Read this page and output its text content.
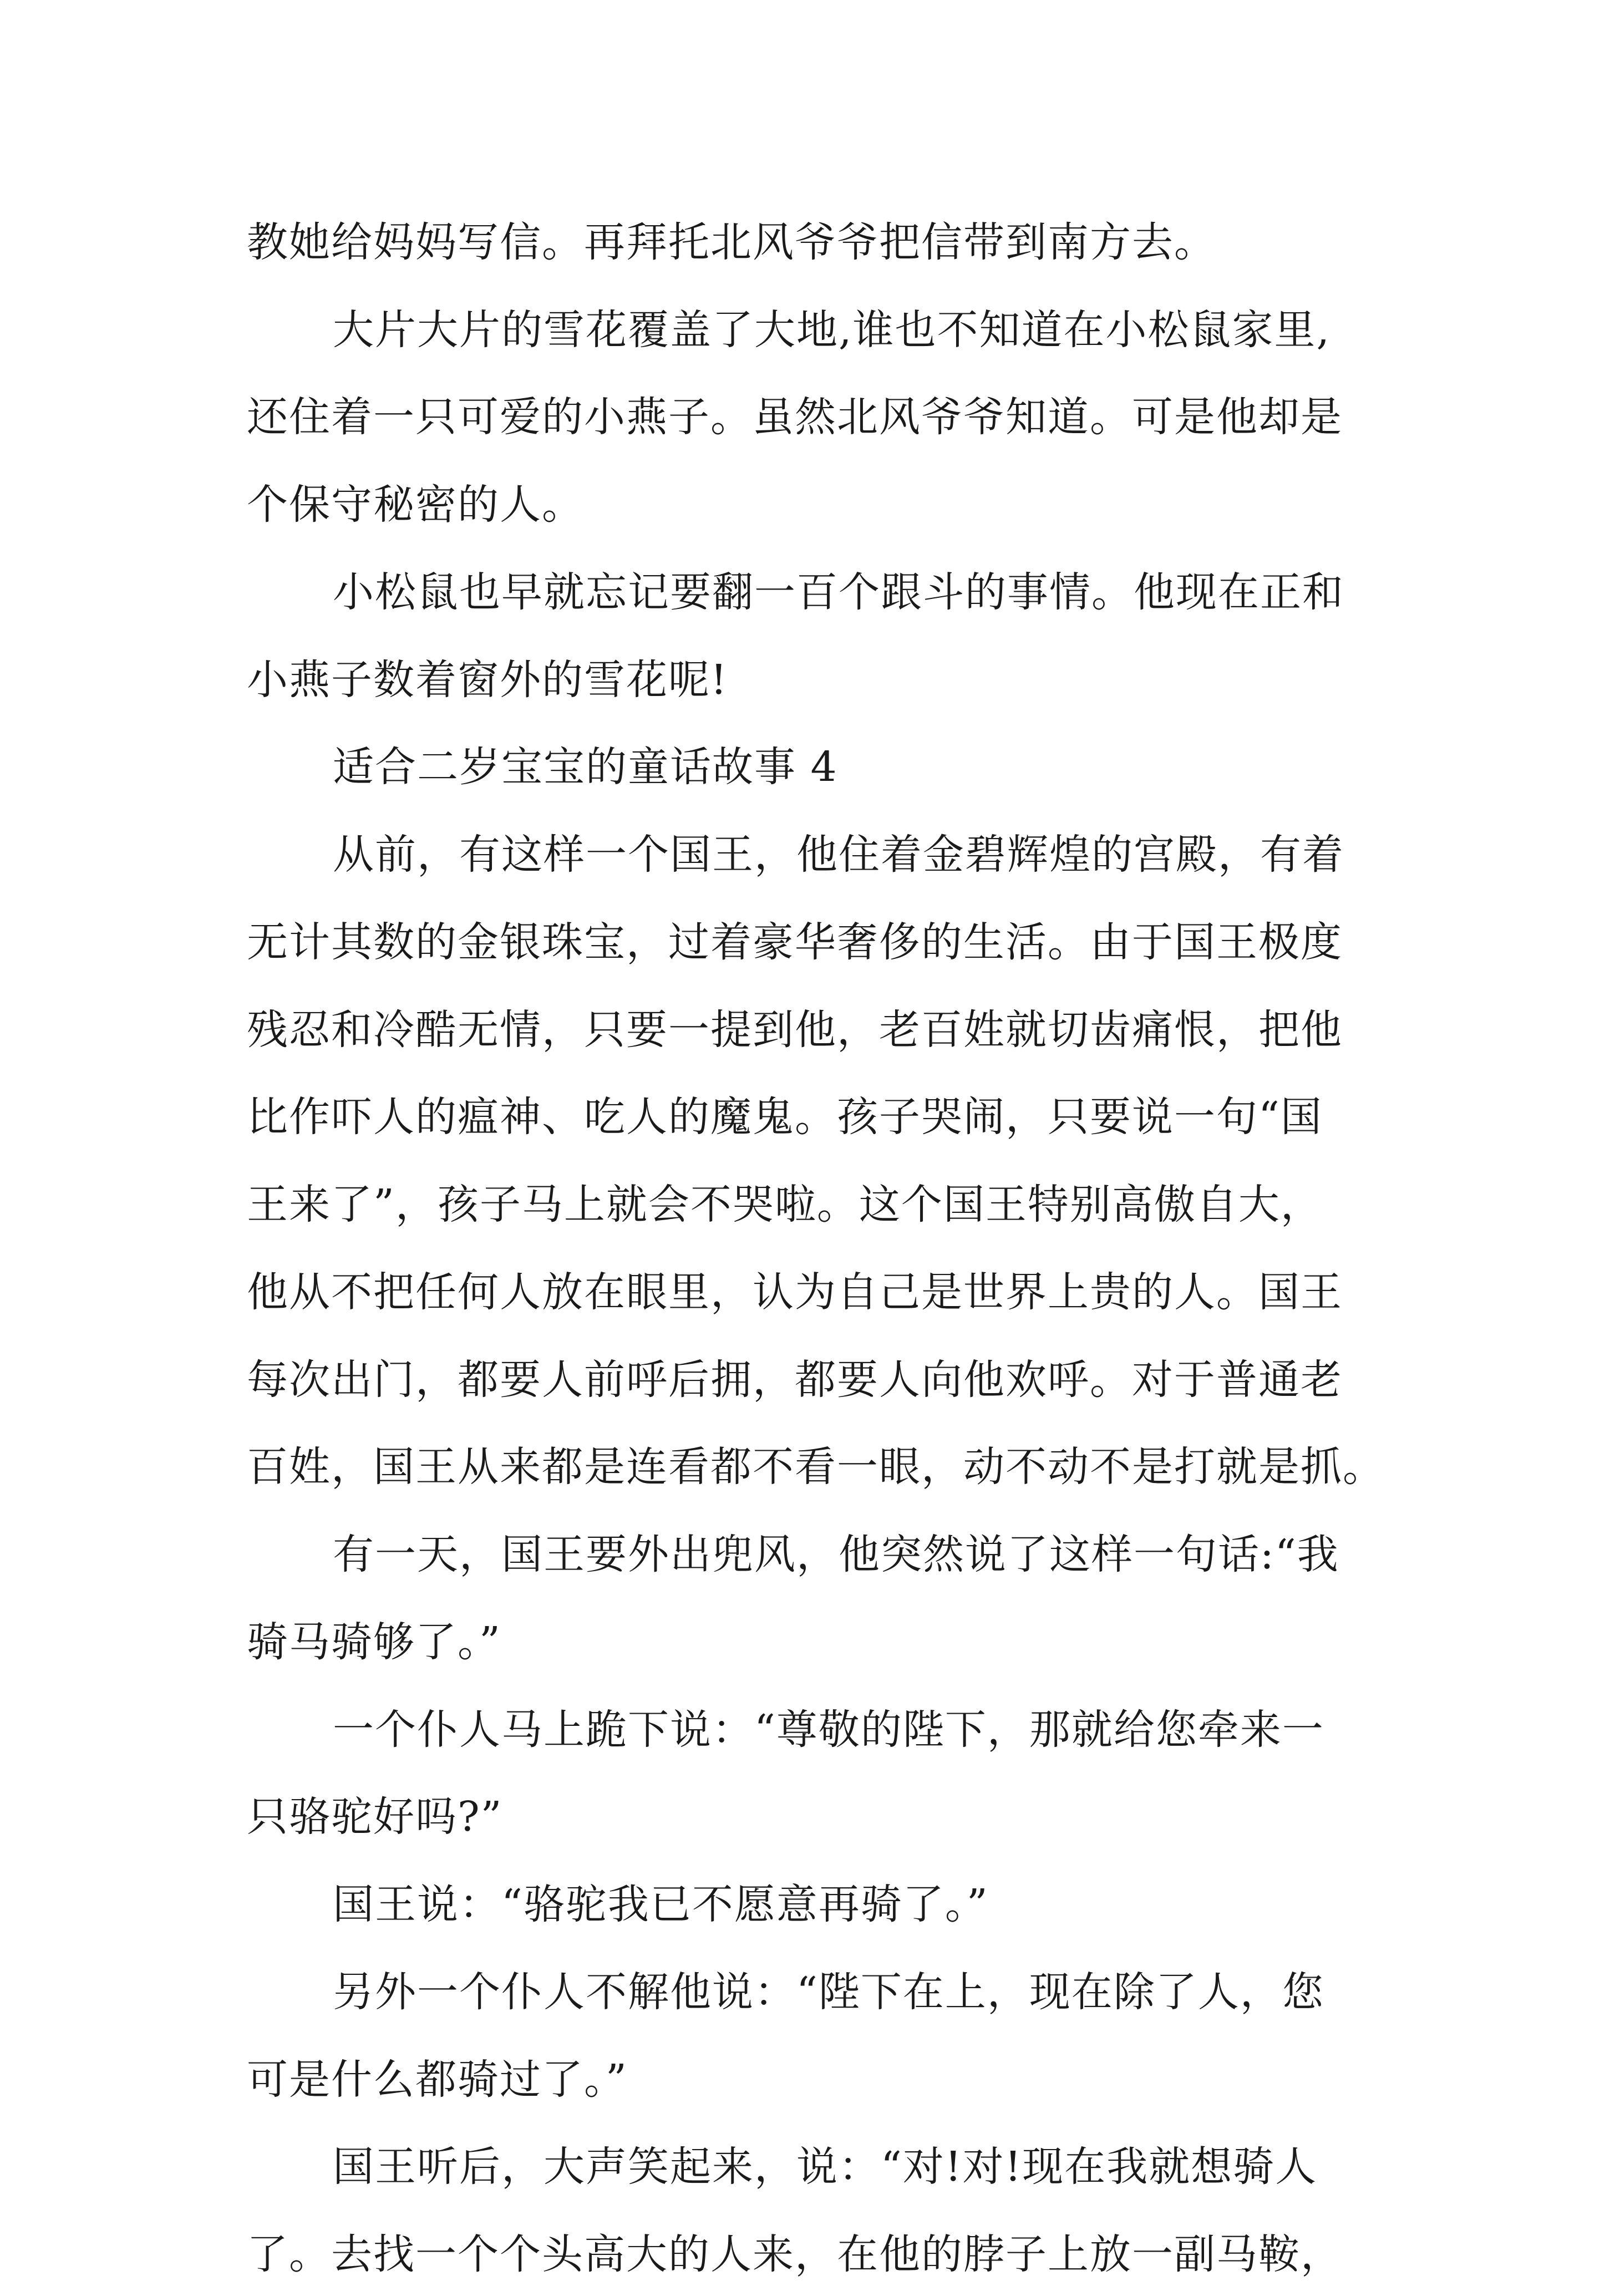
教她给妈妈写信。再拜托北风爷爷把信带到南方去。
大片大片的雪花覆盖了大地,谁也不知道在小松鼠家里,
还住着一只可爱的小燕子。虽然北风爷爷知道。可是他却是
个保守秘密的人。
小松鼠也早就忘记要翻一百个跟斗的事情。他现在正和
小燕子数着窗外的雪花呢!
适合二岁宝宝的童话故事 4
从前，有这样一个国王，他住着金碧辉煌的宫殿，有着
无计其数的金银珠宝，过着豪华奢侈的生活。由于国王极度
残忍和冷酷无情，只要一提到他，老百姓就切齿痛恨，把他
比作吓人的瘟神、吃人的魔鬼。孩子哭闹，只要说一句“国
王来了”，孩子马上就会不哭啦。这个国王特别高傲自大，
他从不把任何人放在眼里，认为自己是世界上贵的人。国王
每次出门，都要人前呼后拥，都要人向他欢呼。对于普通老
百姓，国王从来都是连看都不看一眼，动不动不是打就是抓。
有一天，国王要外出兜风，他突然说了这样一句话:“我
骑马骑够了。”
一个仆人马上跪下说：“尊敬的陛下，那就给您牵来一
只骆驼好吗?”
国王说：“骆驼我已不愿意再骑了。”
另外一个仆人不解他说：“陛下在上，现在除了人，您
可是什么都骑过了。”
国王听后，大声笑起来，说：“对!对!现在我就想骑人
了。去找一个个头高大的人来，在他的脖子上放一副马鞍，
